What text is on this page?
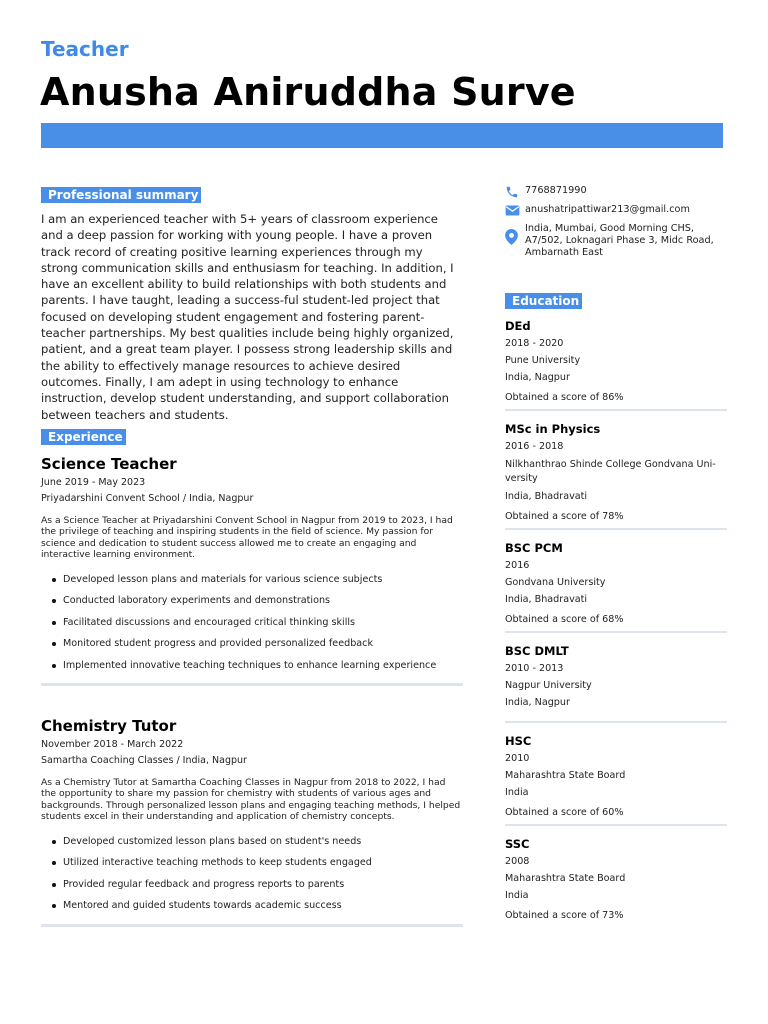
Teacher
Anusha Aniruddha Surve
Professional summary
I am an experienced teacher with 5+ years of classroom experience and a deep passion for working with young people. I have a proven track record of creating positive learning experiences through my strong communication skills and enthusiasm for teaching. In addition, I have an excellent ability to build relationships with both students and parents. I have taught, leading a success-ful student-led project that focused on developing student engagement and fostering parent-teacher partnerships. My best qualities include being highly organized, patient, and a great team player. I possess strong leadership skills and the ability to effectively manage resources to achieve desired outcomes. Finally, I am adept in using technology to enhance instruction, develop student understanding, and support collaboration between teachers and students.
Experience
Science Teacher
June 2019 - May 2023
Priyadarshini Convent School / India, Nagpur
As a Science Teacher at Priyadarshini Convent School in Nagpur from 2019 to 2023, I had the privilege of teaching and inspiring students in the field of science. My passion for science and dedication to student success allowed me to create an engaging and interactive learning environment.
Developed lesson plans and materials for various science subjects
Conducted laboratory experiments and demonstrations
Facilitated discussions and encouraged critical thinking skills
Monitored student progress and provided personalized feedback
Implemented innovative teaching techniques to enhance learning experience
Chemistry Tutor
November 2018 - March 2022
Samartha Coaching Classes / India, Nagpur
As a Chemistry Tutor at Samartha Coaching Classes in Nagpur from 2018 to 2022, I had the opportunity to share my passion for chemistry with students of various ages and backgrounds. Through personalized lesson plans and engaging teaching methods, I helped students excel in their understanding and application of chemistry concepts.
Developed customized lesson plans based on student's needs
Utilized interactive teaching methods to keep students engaged
Provided regular feedback and progress reports to parents
Mentored and guided students towards academic success
7768871990
anushatripattiwar213@gmail.com
India, Mumbai, Good Morning CHS, A7/502, Loknagari Phase 3, Midc Road, Ambarnath East
Education
DEd
2018 - 2020
Pune University
India, Nagpur
Obtained a score of 86%
MSc in Physics
2016 - 2018
Nilkhanthrao Shinde College Gondvana Uni-versity
India, Bhadravati
Obtained a score of 78%
BSC PCM
2016
Gondvana University
India, Bhadravati
Obtained a score of 68%
BSC DMLT
2010 - 2013
Nagpur University
India, Nagpur
HSC
2010
Maharashtra State Board
India
Obtained a score of 60%
SSC
2008
Maharashtra State Board
India
Obtained a score of 73%
